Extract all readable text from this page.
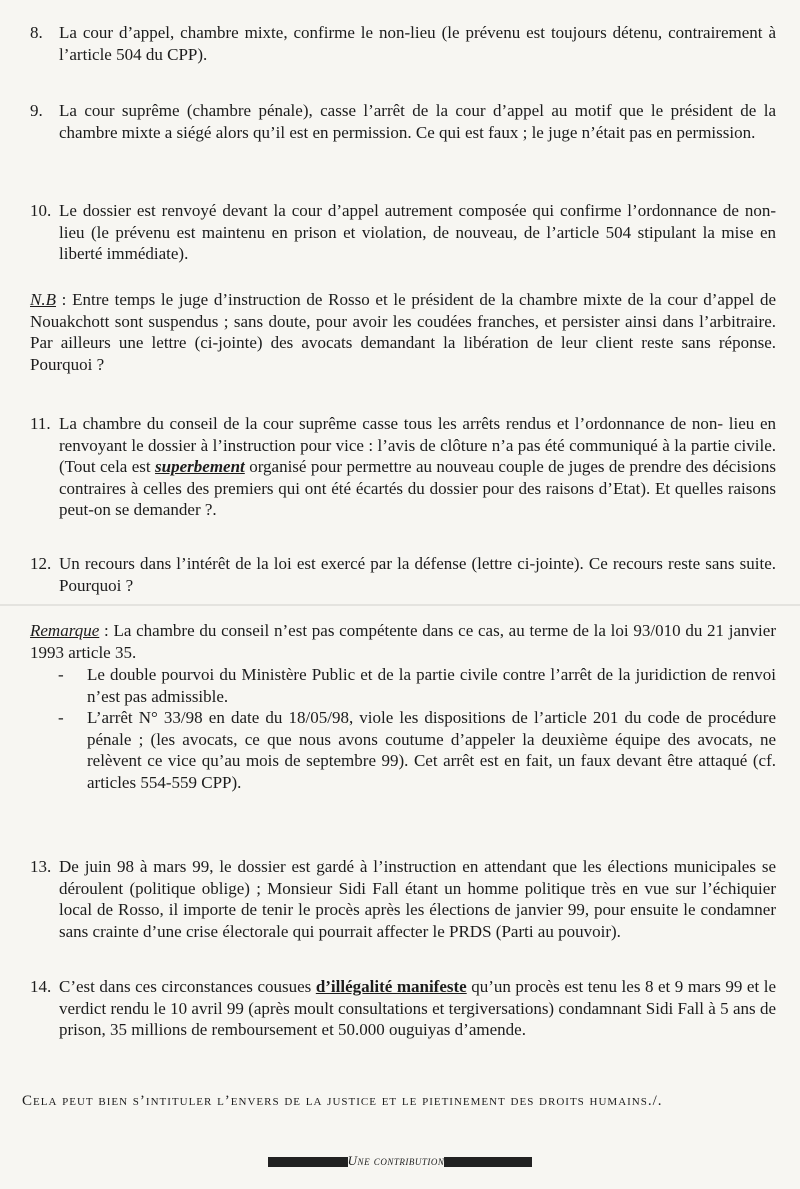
8. La cour d’appel, chambre mixte, confirme le non-lieu (le prévenu est toujours détenu, contrairement à l’article 504 du CPP).
9. La cour suprême (chambre pénale), casse l’arrêt de la cour d’appel au motif que le président de la chambre mixte a siégé alors qu’il est en permission. Ce qui est faux ; le juge n’était pas en permission.
10. Le dossier est renvoyé devant la cour d’appel autrement composée qui confirme l’ordonnance de non-lieu (le prévenu est maintenu en prison et violation, de nouveau, de l’article 504 stipulant la mise en liberté immédiate).
N.B : Entre temps le juge d’instruction de Rosso et le président de la chambre mixte de la cour d’appel de Nouakchott sont suspendus ; sans doute, pour avoir les coudées franches, et persister ainsi dans l’arbitraire. Par ailleurs une lettre (ci-jointe) des avocats demandant la libération de leur client reste sans réponse. Pourquoi ?
11. La chambre du conseil de la cour suprême casse tous les arrêts rendus et l’ordonnance de non- lieu en renvoyant le dossier à l’instruction pour vice : l’avis de clôture n’a pas été communiqué à la partie civile. (Tout cela est superbement organisé pour permettre au nouveau couple de juges de prendre des décisions contraires à celles des premiers qui ont été écartés du dossier pour des raisons d’Etat). Et quelles raisons peut-on se demander ?.
12. Un recours dans l’intérêt de la loi est exercé par la défense (lettre ci-jointe). Ce recours reste sans suite. Pourquoi ?
Remarque : La chambre du conseil n’est pas compétente dans ce cas, au terme de la loi 93/010 du 21 janvier 1993 article 35.

- Le double pourvoi du Ministère Public et de la partie civile contre l’arrêt de la juridiction de renvoi n’est pas admissible.

- L’arrêt N° 33/98 en date du 18/05/98, viole les dispositions de l’article 201 du code de procédure pénale ; (les avocats, ce que nous avons coutume d’appeler la deuxième équipe des avocats, ne relèvent ce vice qu’au mois de septembre 99). Cet arrêt est en fait, un faux devant être attaqué (cf. articles 554-559 CPP).

13. De juin 98 à mars 99, le dossier est gardé à l’instruction en attendant que les élections municipales se déroulent (politique oblige) ; Monsieur Sidi Fall étant un homme politique très en vue sur l’échiquier local de Rosso, il importe de tenir le procès après les élections de janvier 99, pour ensuite le condamner sans crainte d’une crise électorale qui pourrait affecter le PRDS (Parti au pouvoir).
14. C’est dans ces circonstances cousues d’illégalité manifeste qu’un procès est tenu les 8 et 9 mars 99 et le verdict rendu le 10 avril 99 (après moult consultations et tergiversations) condamnant Sidi Fall à 5 ans de prison, 35 millions de remboursement et 50.000 ouguiyas d’amende.
Cela peut bien s’intituler l’envers de la justice et le pietinement des droits humains./.
Une contribution
